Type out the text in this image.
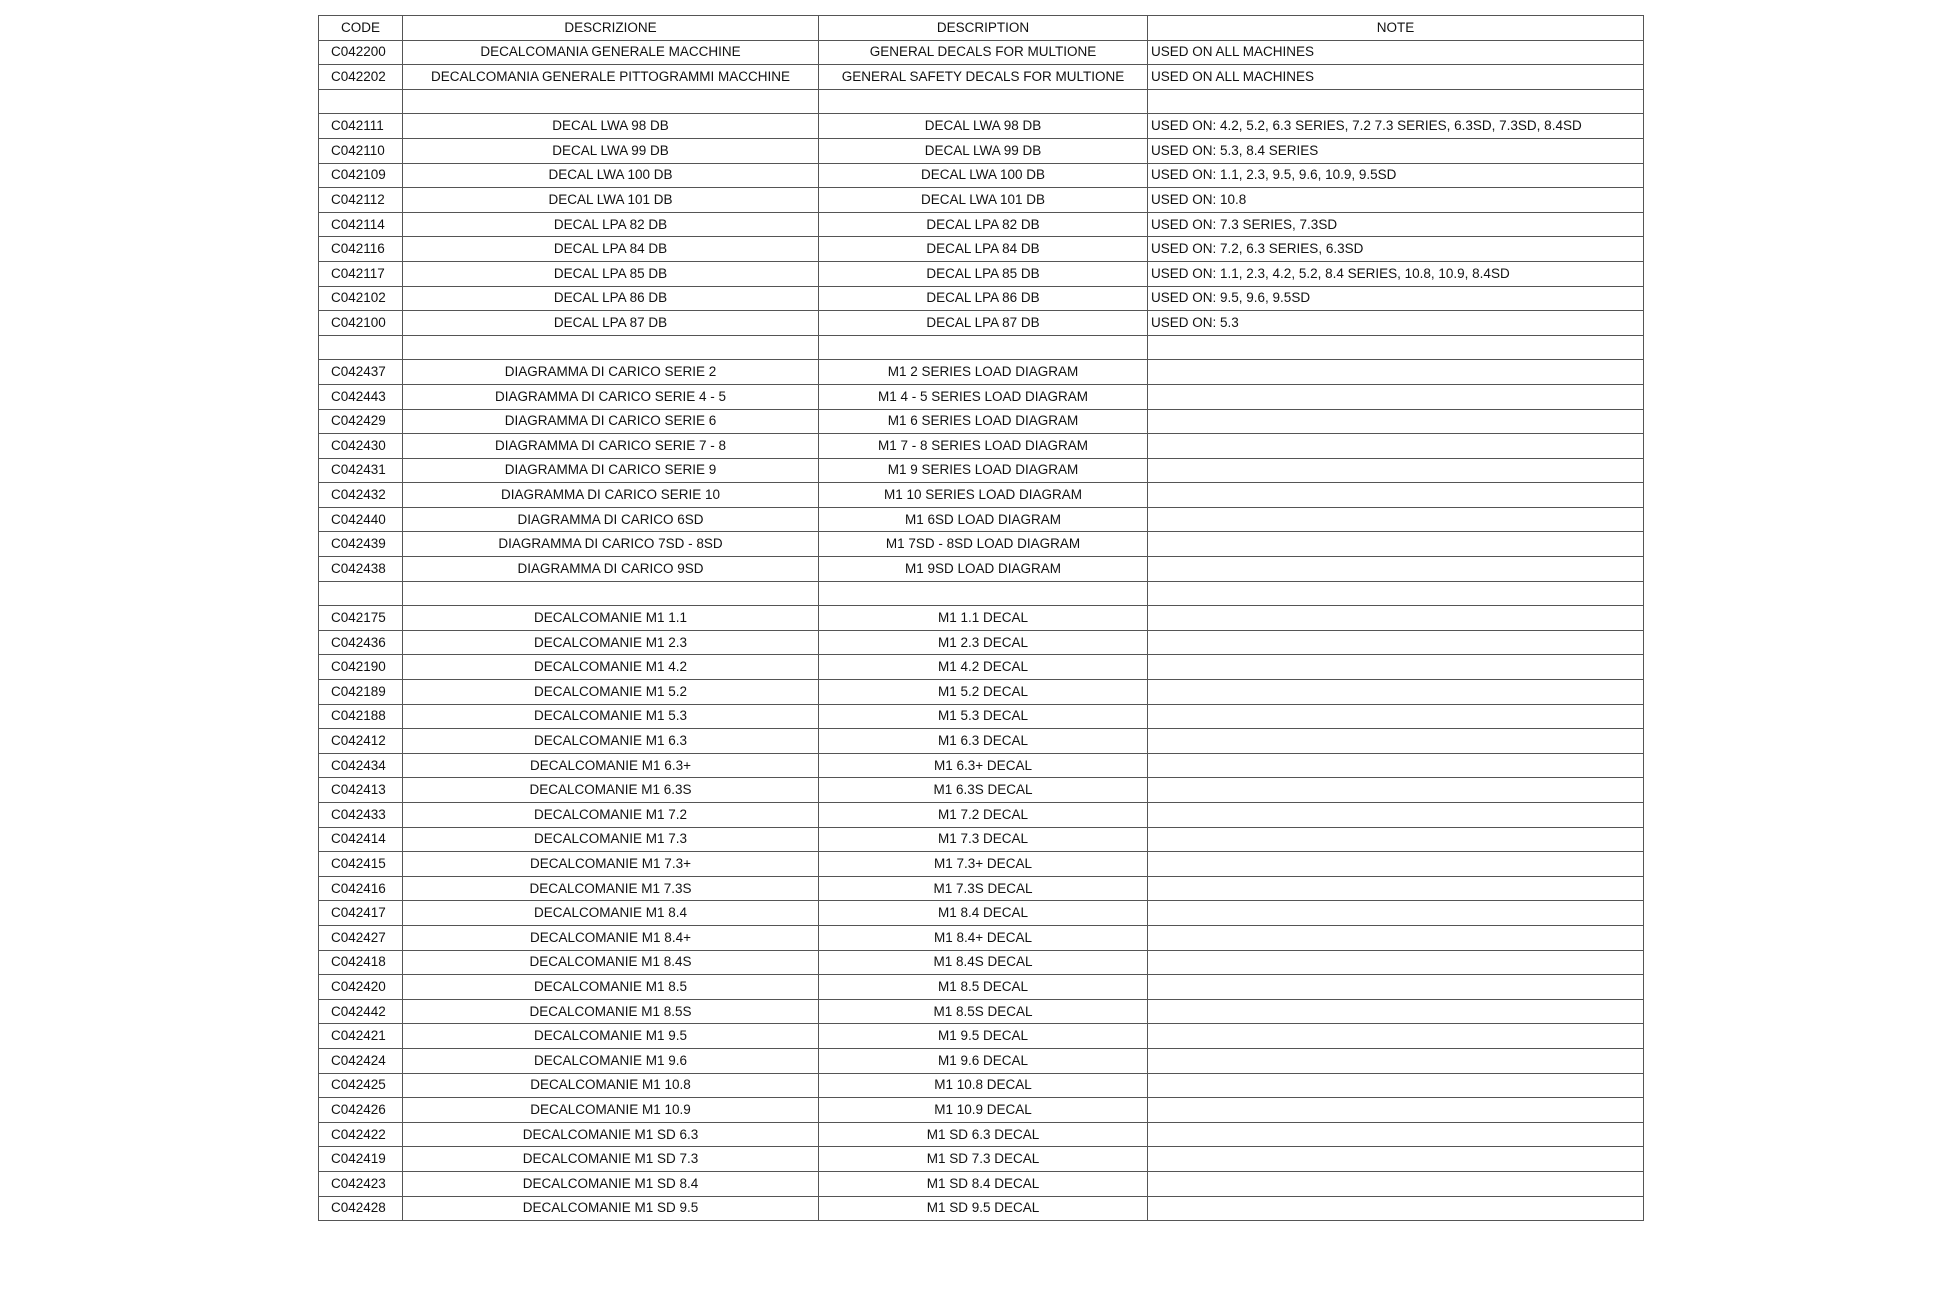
CODE	DESCRIZIONE	DESCRIPTION	NOTE
C042200	DECALCOMANIA GENERALE MACCHINE	GENERAL DECALS FOR MULTIONE	USED ON ALL MACHINES
C042202	DECALCOMANIA GENERALE PITTOGRAMMI MACCHINE	GENERAL SAFETY DECALS FOR MULTIONE	USED ON ALL MACHINES

C042111	DECAL LWA 98 DB	DECAL LWA 98 DB	USED ON: 4.2, 5.2, 6.3 SERIES, 7.2 7.3 SERIES, 6.3SD, 7.3SD, 8.4SD
C042110	DECAL LWA 99 DB	DECAL LWA 99 DB	USED ON: 5.3, 8.4 SERIES
C042109	DECAL LWA 100 DB	DECAL LWA 100 DB	USED ON: 1.1, 2.3, 9.5, 9.6, 10.9, 9.5SD
C042112	DECAL LWA 101 DB	DECAL LWA 101 DB	USED ON: 10.8
C042114	DECAL LPA 82 DB	DECAL LPA 82 DB	USED ON: 7.3 SERIES, 7.3SD
C042116	DECAL LPA 84 DB	DECAL LPA 84 DB	USED ON: 7.2, 6.3 SERIES, 6.3SD
C042117	DECAL LPA 85 DB	DECAL LPA 85 DB	USED ON: 1.1, 2.3, 4.2, 5.2, 8.4 SERIES, 10.8, 10.9, 8.4SD
C042102	DECAL LPA 86 DB	DECAL LPA 86 DB	USED ON: 9.5, 9.6, 9.5SD
C042100	DECAL LPA 87 DB	DECAL LPA 87 DB	USED ON: 5.3

C042437	DIAGRAMMA DI CARICO SERIE 2	M1 2 SERIES LOAD DIAGRAM	
C042443	DIAGRAMMA DI CARICO SERIE 4 - 5	M1 4 - 5 SERIES LOAD DIAGRAM	
C042429	DIAGRAMMA DI CARICO SERIE 6	M1 6 SERIES LOAD DIAGRAM	
C042430	DIAGRAMMA DI CARICO SERIE 7 - 8	M1 7 - 8 SERIES LOAD DIAGRAM	
C042431	DIAGRAMMA DI CARICO SERIE 9	M1 9 SERIES LOAD DIAGRAM	
C042432	DIAGRAMMA DI CARICO SERIE 10	M1 10 SERIES LOAD DIAGRAM	
C042440	DIAGRAMMA DI CARICO 6SD	M1 6SD LOAD DIAGRAM	
C042439	DIAGRAMMA DI CARICO 7SD - 8SD	M1 7SD - 8SD LOAD DIAGRAM	
C042438	DIAGRAMMA DI CARICO 9SD	M1 9SD LOAD DIAGRAM	

C042175	DECALCOMANIE M1 1.1	M1 1.1 DECAL	
C042436	DECALCOMANIE M1 2.3	M1 2.3 DECAL	
C042190	DECALCOMANIE M1 4.2	M1 4.2 DECAL	
C042189	DECALCOMANIE M1 5.2	M1 5.2 DECAL	
C042188	DECALCOMANIE M1 5.3	M1 5.3 DECAL	
C042412	DECALCOMANIE M1 6.3	M1 6.3 DECAL	
C042434	DECALCOMANIE M1 6.3+	M1 6.3+ DECAL	
C042413	DECALCOMANIE M1 6.3S	M1 6.3S DECAL	
C042433	DECALCOMANIE M1 7.2	M1 7.2 DECAL	
C042414	DECALCOMANIE M1 7.3	M1 7.3 DECAL	
C042415	DECALCOMANIE M1 7.3+	M1 7.3+ DECAL	
C042416	DECALCOMANIE M1 7.3S	M1 7.3S DECAL	
C042417	DECALCOMANIE M1 8.4	M1 8.4 DECAL	
C042427	DECALCOMANIE M1 8.4+	M1 8.4+ DECAL	
C042418	DECALCOMANIE M1 8.4S	M1 8.4S DECAL	
C042420	DECALCOMANIE M1 8.5	M1 8.5 DECAL	
C042442	DECALCOMANIE M1 8.5S	M1 8.5S DECAL	
C042421	DECALCOMANIE M1 9.5	M1 9.5 DECAL	
C042424	DECALCOMANIE M1 9.6	M1 9.6 DECAL	
C042425	DECALCOMANIE M1 10.8	M1 10.8 DECAL	
C042426	DECALCOMANIE M1 10.9	M1 10.9 DECAL	
C042422	DECALCOMANIE M1 SD 6.3	M1 SD 6.3 DECAL	
C042419	DECALCOMANIE M1 SD 7.3	M1 SD 7.3 DECAL	
C042423	DECALCOMANIE M1 SD 8.4	M1 SD 8.4 DECAL	
C042428	DECALCOMANIE M1 SD 9.5	M1 SD 9.5 DECAL	
